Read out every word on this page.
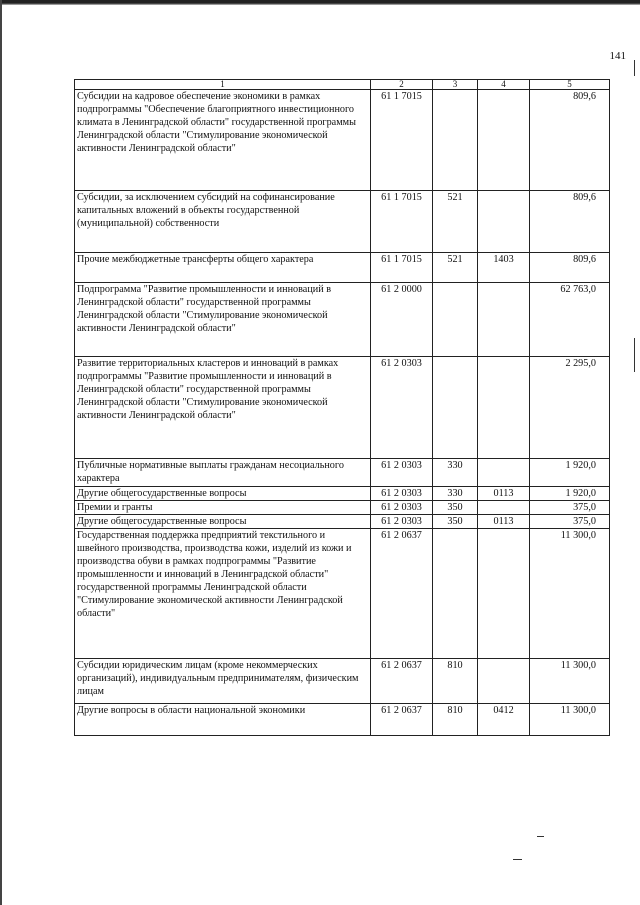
141
1	2	3	4	5
Субсидии на кадровое обеспечение экономики в рамках подпрограммы "Обеспечение благоприятного инвестиционного климата в Ленинградской области" государственной программы Ленинградской области "Стимулирование экономической активности Ленинградской области"	61 1 7015			809,6
Субсидии, за исключением субсидий на софинансирование капитальных вложений в объекты государственной (муниципальной) собственности	61 1 7015	521		809,6
Прочие межбюджетные трансферты общего характера	61 1 7015	521	1403	809,6
Подпрограмма "Развитие промышленности и инноваций в Ленинградской области" государственной программы Ленинградской области "Стимулирование экономической активности Ленинградской области"	61 2 0000			62 763,0
Развитие территориальных кластеров и инноваций в рамках подпрограммы "Развитие промышленности и инноваций в Ленинградской области" государственной программы Ленинградской области "Стимулирование экономической активности Ленинградской области"	61 2 0303			2 295,0
Публичные нормативные выплаты гражданам несоциального характера	61 2 0303	330		1 920,0
Другие общегосударственные вопросы	61 2 0303	330	0113	1 920,0
Премии и гранты	61 2 0303	350		375,0
Другие общегосударственные вопросы	61 2 0303	350	0113	375,0
Государственная поддержка предприятий текстильного и швейного производства, производства кожи, изделий из кожи и производства обуви в рамках подпрограммы "Развитие промышленности и инноваций в Ленинградской области" государственной программы Ленинградской области "Стимулирование экономической активности Ленинградской области"	61 2 0637			11 300,0
Субсидии юридическим лицам (кроме некоммерческих организаций), индивидуальным предпринимателям, физическим лицам	61 2 0637	810		11 300,0
Другие вопросы в области национальной экономики	61 2 0637	810	0412	11 300,0
